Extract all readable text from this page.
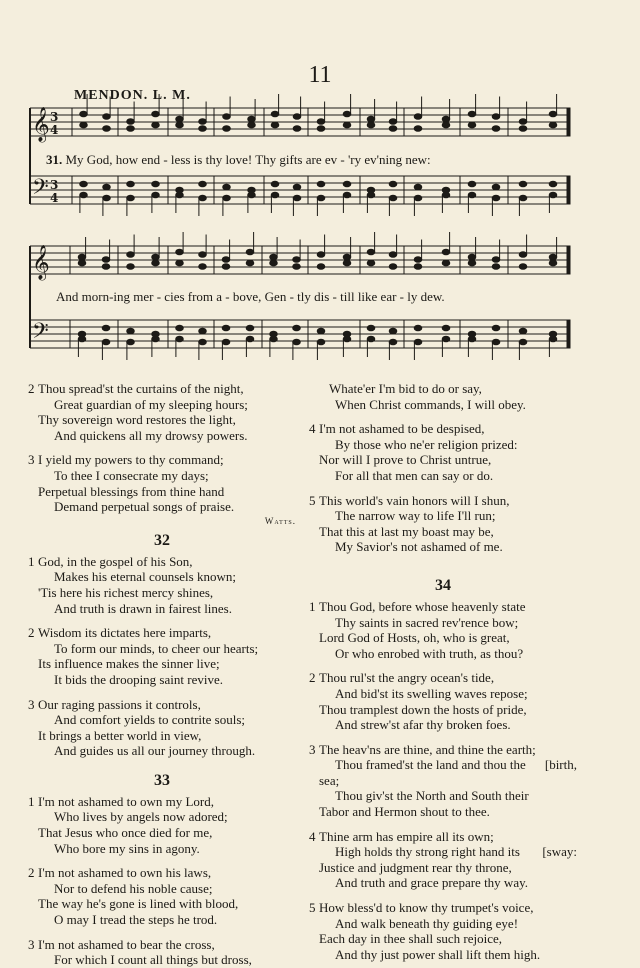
11
MENDON. L. M.
𝄞
𝄢
3
4
3
4
𝄞
𝄢
31. My God, how end - less is thy love! Thy gifts are ev - 'ry ev'ning new:
And morn-ing mer - cies from a - bove, Gen - tly dis - till like ear - ly dew.
2 Thou spread'st the curtains of the night,
Great guardian of my sleeping hours;
Thy sovereign word restores the light,
And quickens all my drowsy powers.
3 I yield my powers to thy command;
To thee I consecrate my days;
Perpetual blessings from thine hand
Demand perpetual songs of praise.
Watts.
32
1 God, in the gospel of his Son,
Makes his eternal counsels known;
'Tis here his richest mercy shines,
And truth is drawn in fairest lines.
2 Wisdom its dictates here imparts,
To form our minds, to cheer our hearts;
Its influence makes the sinner live;
It bids the drooping saint revive.
3 Our raging passions it controls,
And comfort yields to contrite souls;
It brings a better world in view,
And guides us all our journey through.
33
1 I'm not ashamed to own my Lord,
Who lives by angels now adored;
That Jesus who once died for me,
Who bore my sins in agony.
2 I'm not ashamed to own his laws,
Nor to defend his noble cause;
The way he's gone is lined with blood,
O may I tread the steps he trod.
3 I'm not ashamed to bear the cross,
For which I count all things but dross,
Whate'er I'm bid to do or say,
When Christ commands, I will obey.
4 I'm not ashamed to be despised,
By those who ne'er religion prized:
Nor will I prove to Christ untrue,
For all that men can say or do.
5 This world's vain honors will I shun,
The narrow way to life I'll run;
That this at last my boast may be,
My Savior's not ashamed of me.
34
1 Thou God, before whose heavenly state
Thy saints in sacred rev'rence bow;
Lord God of Hosts, oh, who is great,
Or who enrobed with truth, as thou?
2 Thou rul'st the angry ocean's tide,
And bid'st its swelling waves repose;
Thou tramplest down the hosts of pride,
And strew'st afar thy broken foes.
3 The heav'ns are thine, and thine the earth;
Thou framed'st the land and thou the [birth,
sea;
Thou giv'st the North and South their
Tabor and Hermon shout to thee.
4 Thine arm has empire all its own;
High holds thy strong right hand its [sway:
Justice and judgment rear thy throne,
And truth and grace prepare thy way.
5 How bless'd to know thy trumpet's voice,
And walk beneath thy guiding eye!
Each day in thee shall such rejoice,
And thy just power shall lift them high.
